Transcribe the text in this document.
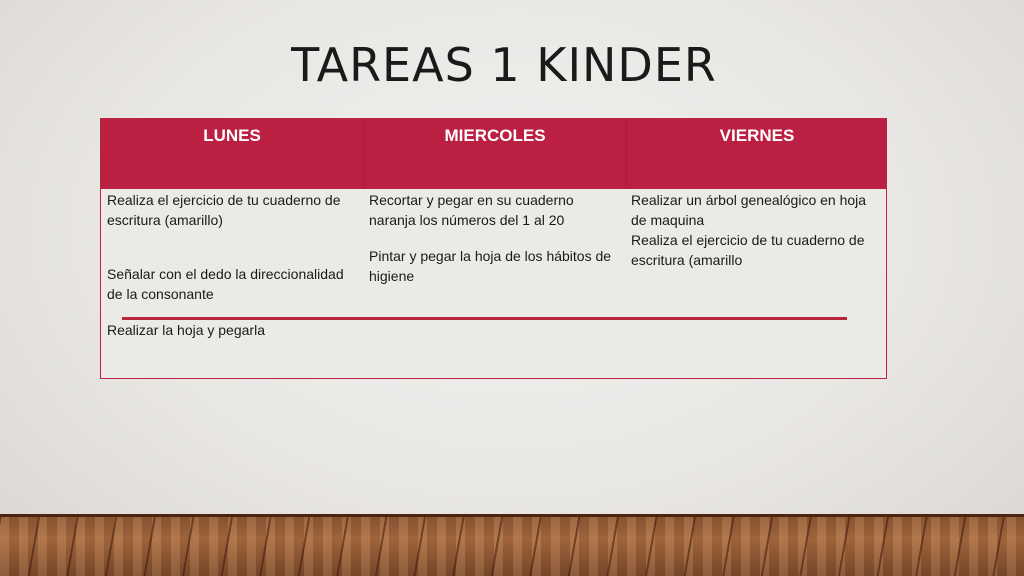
TAREAS 1 KINDER
LUNES	MIERCOLES	VIERNES

Realiza el ejercicio de tu cuaderno de escritura (amarillo)

Señalar con el dedo la direccionalidad de la consonante

Realizar la hoja y pegarla

Recortar y pegar en su cuaderno naranja los números del 1 al 20

Pintar y pegar la hoja de los hábitos de higiene

Realizar un árbol genealógico en hoja de maquina

Realiza el ejercicio de tu cuaderno de escritura (amarillo
